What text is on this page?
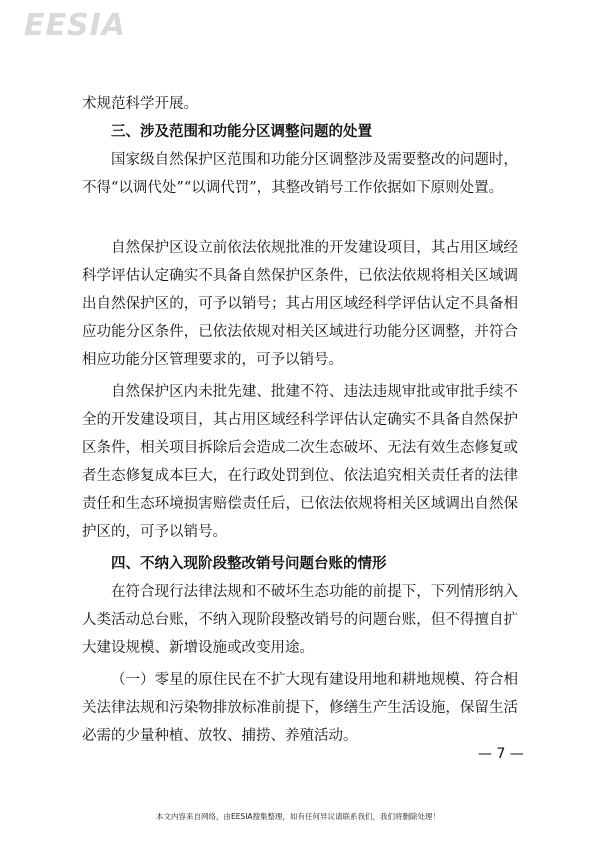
EESIA

术规范科学开展。

三、涉及范围和功能分区调整问题的处置

国家级自然保护区范围和功能分区调整涉及需要整改的问题时，不得“以调代处”“以调代罚”，其整改销号工作依据如下原则处置。

自然保护区设立前依法依规批准的开发建设项目，其占用区域经科学评估认定确实不具备自然保护区条件，已依法依规将相关区域调出自然保护区的，可予以销号；其占用区域经科学评估认定不具备相应功能分区条件，已依法依规对相关区域进行功能分区调整，并符合相应功能分区管理要求的，可予以销号。

自然保护区内未批先建、批建不符、违法违规审批或审批手续不全的开发建设项目，其占用区域经科学评估认定确实不具备自然保护区条件，相关项目拆除后会造成二次生态破坏、无法有效生态修复或者生态修复成本巨大，在行政处罚到位、依法追究相关责任者的法律责任和生态环境损害赔偿责任后，已依法依规将相关区域调出自然保护区的，可予以销号。

四、不纳入现阶段整改销号问题台账的情形

在符合现行法律法规和不破坏生态功能的前提下，下列情形纳入人类活动总台账，不纳入现阶段整改销号的问题台账，但不得擅自扩大建设规模、新增设施或改变用途。

（一）零星的原住民在不扩大现有建设用地和耕地规模、符合相关法律法规和污染物排放标准前提下，修缮生产生活设施，保留生活必需的少量种植、放牧、捕捞、养殖活动。

— 7 —
本文内容来自网络，由EESIA搜集整理，如有任何异议请联系我们，我们将删除处理！
